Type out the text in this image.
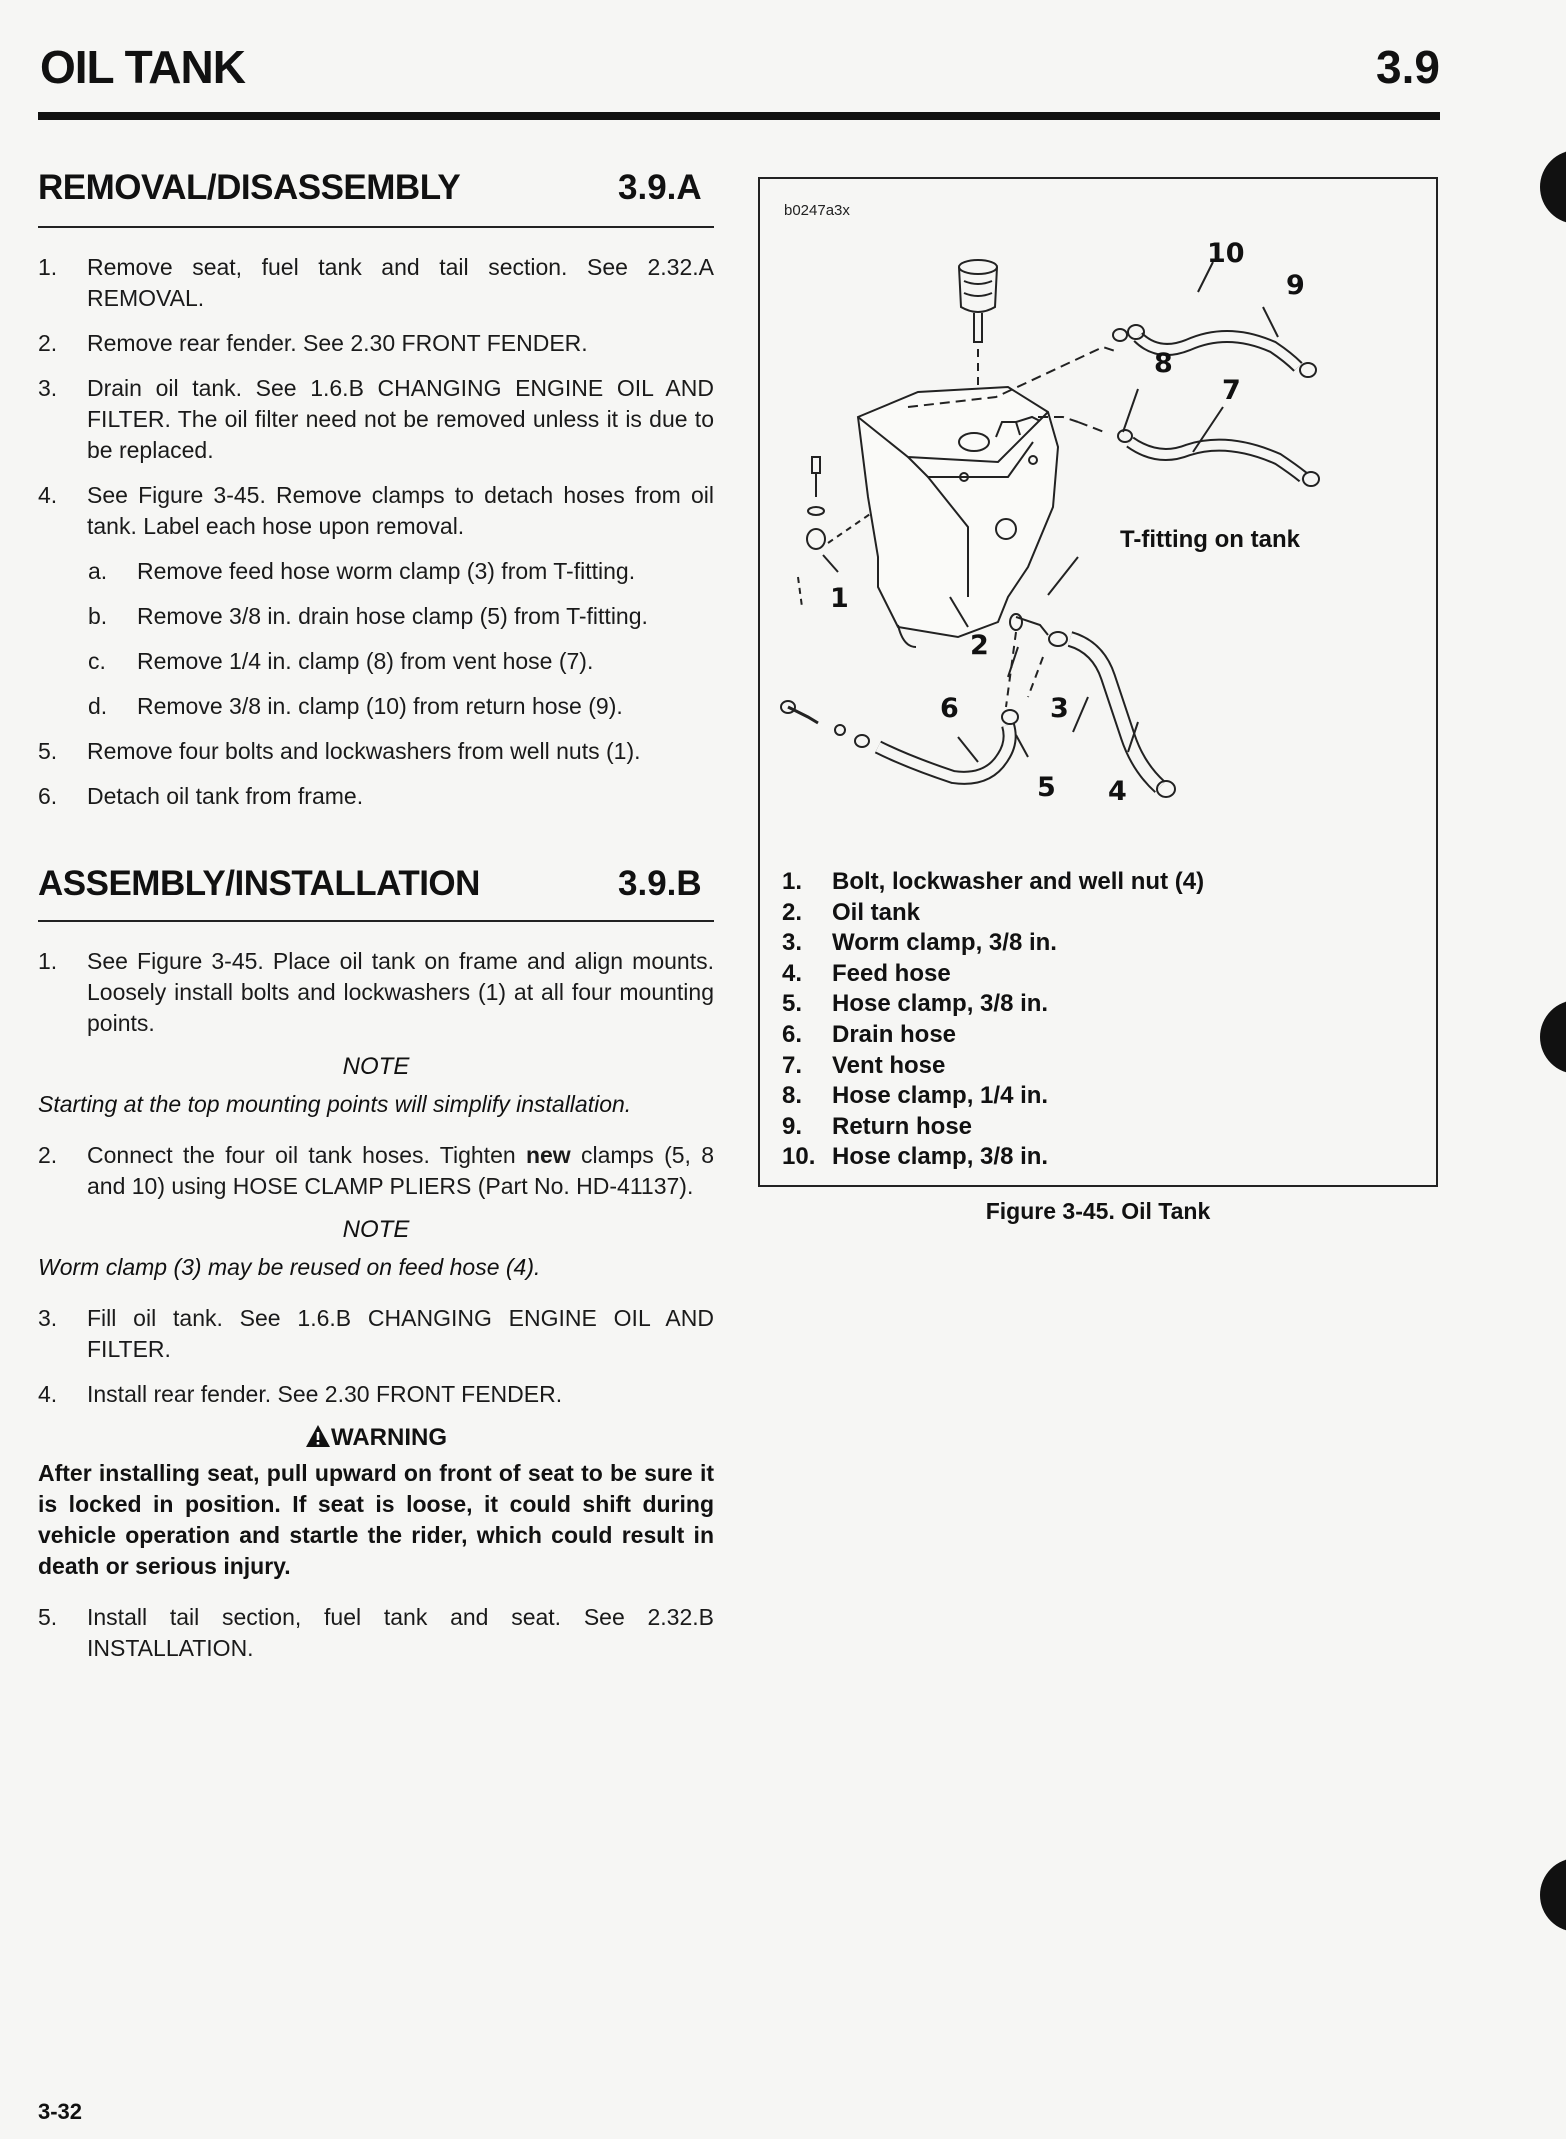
OIL TANK	3.9
REMOVAL/DISASSEMBLY	3.9.A
1.	Remove seat, fuel tank and tail section. See 2.32.A REMOVAL.
2.	Remove rear fender. See 2.30 FRONT FENDER.
3.	Drain oil tank. See 1.6.B CHANGING ENGINE OIL AND FILTER. The oil filter need not be removed unless it is due to be replaced.
4.	See Figure 3-45. Remove clamps to detach hoses from oil tank. Label each hose upon removal.
a.	Remove feed hose worm clamp (3) from T-fitting.
b.	Remove 3/8 in. drain hose clamp (5) from T-fitting.
c.	Remove 1/4 in. clamp (8) from vent hose (7).
d.	Remove 3/8 in. clamp (10) from return hose (9).
5.	Remove four bolts and lockwashers from well nuts (1).
6.	Detach oil tank from frame.
ASSEMBLY/INSTALLATION	3.9.B
1.	See Figure 3-45. Place oil tank on frame and align mounts. Loosely install bolts and lockwashers (1) at all four mounting points.
NOTE
Starting at the top mounting points will simplify installation.
2.	Connect the four oil tank hoses. Tighten new clamps (5, 8 and 10) using HOSE CLAMP PLIERS (Part No. HD-41137).
NOTE
Worm clamp (3) may be reused on feed hose (4).
3.	Fill oil tank. See 1.6.B CHANGING ENGINE OIL AND FILTER.
4.	Install rear fender. See 2.30 FRONT FENDER.
WARNING
After installing seat, pull upward on front of seat to be sure it is locked in position. If seat is loose, it could shift during vehicle operation and startle the rider, which could result in death or serious injury.
5.	Install tail section, fuel tank and seat. See 2.32.B INSTALLATION.
b0247a3x
1
2
3
4
5
6
7
8
9
10
T-fitting on tank
1.	Bolt, lockwasher and well nut (4)
2.	Oil tank
3.	Worm clamp, 3/8 in.
4.	Feed hose
5.	Hose clamp, 3/8 in.
6.	Drain hose
7.	Vent hose
8.	Hose clamp, 1/4 in.
9.	Return hose
10. Hose clamp, 3/8 in.
Figure 3-45. Oil Tank
3-32
